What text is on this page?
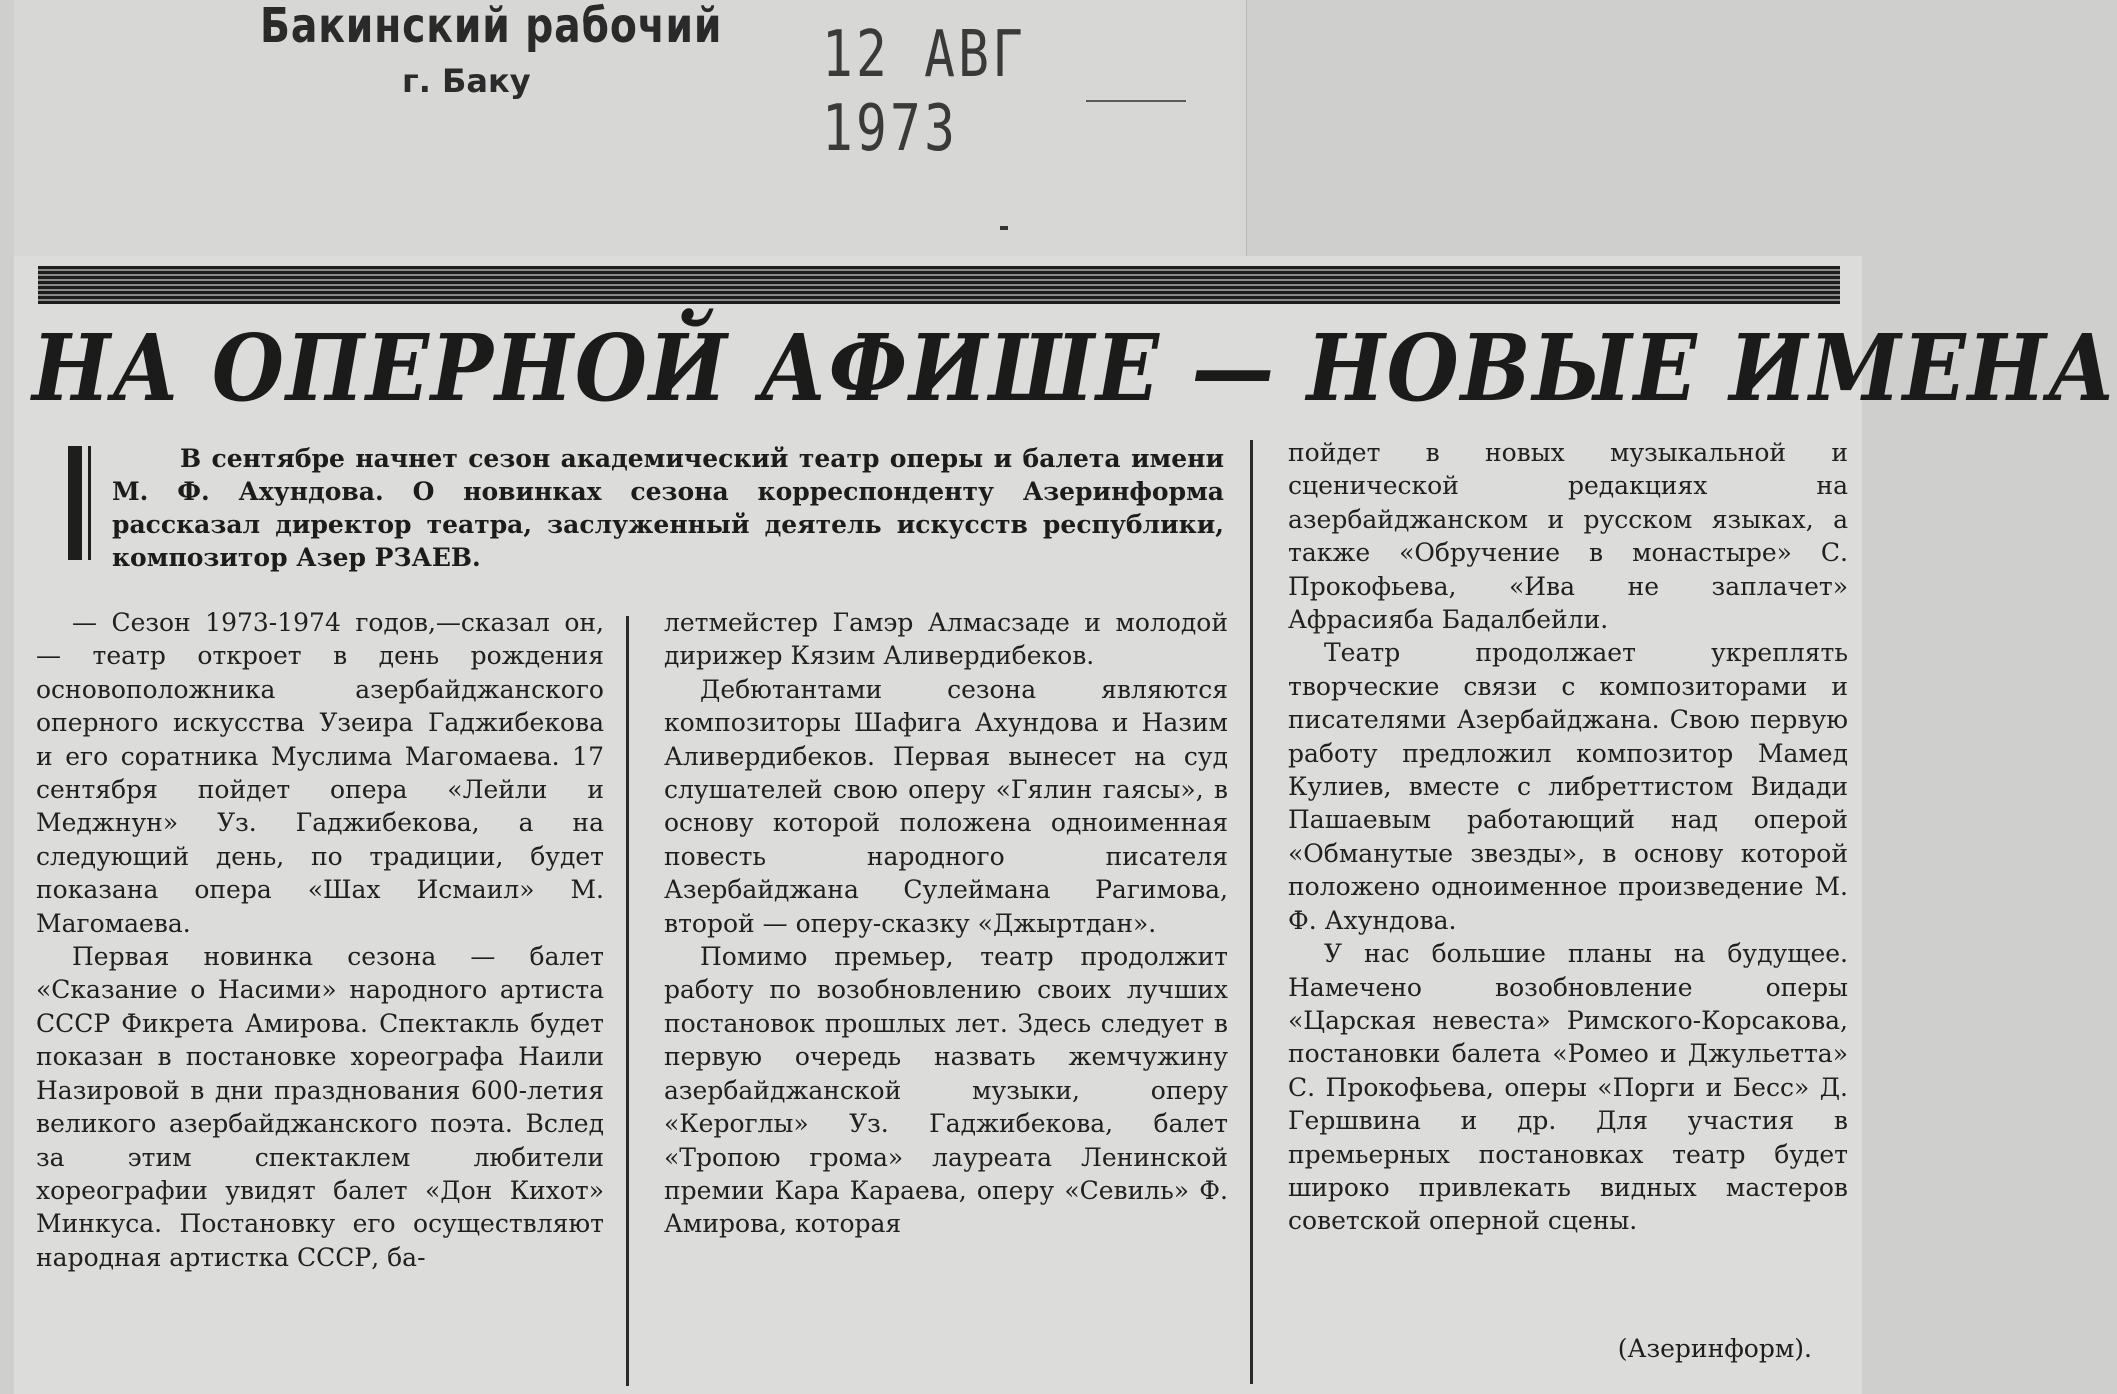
Бакинский рабочий
г. Баку	12 АВГ 1973
НА ОПЕРНОЙ АФИШЕ — НОВЫЕ ИМЕНА
В сентябре начнет сезон академический театр оперы и балета имени М. Ф. Ахундова. О новинках сезона корреспонденту Азеринформа рассказал директор театра, заслуженный деятель искусств республики, композитор Азер РЗАЕВ.

— Сезон 1973-1974 годов,—сказал он, — театр откроет в день рождения основоположника азербайджанского оперного искусства Узеира Гаджибекова и его соратника Муслима Магомаева. 17 сентября пойдет опера «Лейли и Меджнун» Уз. Гаджибекова, а на следующий день, по традиции, будет показана опера «Шах Исмаил» М. Магомаева.

Первая новинка сезона — балет «Сказание о Насими» народного артиста СССР Фикрета Амирова. Спектакль будет показан в постановке хореографа Наили Назировой в дни празднования 600-летия великого азербайджанского поэта. Вслед за этим спектаклем любители хореографии увидят балет «Дон Кихот» Минкуса. Постановку его осуществляют народная артистка СССР, ба-

летмейстер Гамэр Алмасзаде и молодой дирижер Кязим Аливердибеков.

Дебютантами сезона являются композиторы Шафига Ахундова и Назим Аливердибеков. Первая вынесет на суд слушателей свою оперу «Гялин гаясы», в основу которой положена одноименная повесть народного писателя Азербайджана Сулеймана Рагимова, второй — оперу-сказку «Джыртдан».

Помимо премьер, театр продолжит работу по возобновлению своих лучших постановок прошлых лет. Здесь следует в первую очередь назвать жемчужину азербайджанской музыки, оперу «Кероглы» Уз. Гаджибекова, балет «Тропою грома» лауреата Ленинской премии Кара Караева, оперу «Севиль» Ф. Амирова, которая

пойдет в новых музыкальной и сценической редакциях на азербайджанском и русском языках, а также «Обручение в монастыре» С. Прокофьева, «Ива не заплачет» Афрасияба Бадалбейли.

Театр продолжает укреплять творческие связи с композиторами и писателями Азербайджана. Свою первую работу предложил композитор Мамед Кулиев, вместе с либреттистом Видади Пашаевым работающий над оперой «Обманутые звезды», в основу которой положено одноименное произведение М. Ф. Ахундова.

У нас большие планы на будущее. Намечено возобновление оперы «Царская невеста» Римского-Корсакова, постановки балета «Ромео и Джульетта» С. Прокофьева, оперы «Порги и Бесс» Д. Гершвина и др. Для участия в премьерных постановках театр будет широко привлекать видных мастеров советской оперной сцены.

(Азеринформ).
